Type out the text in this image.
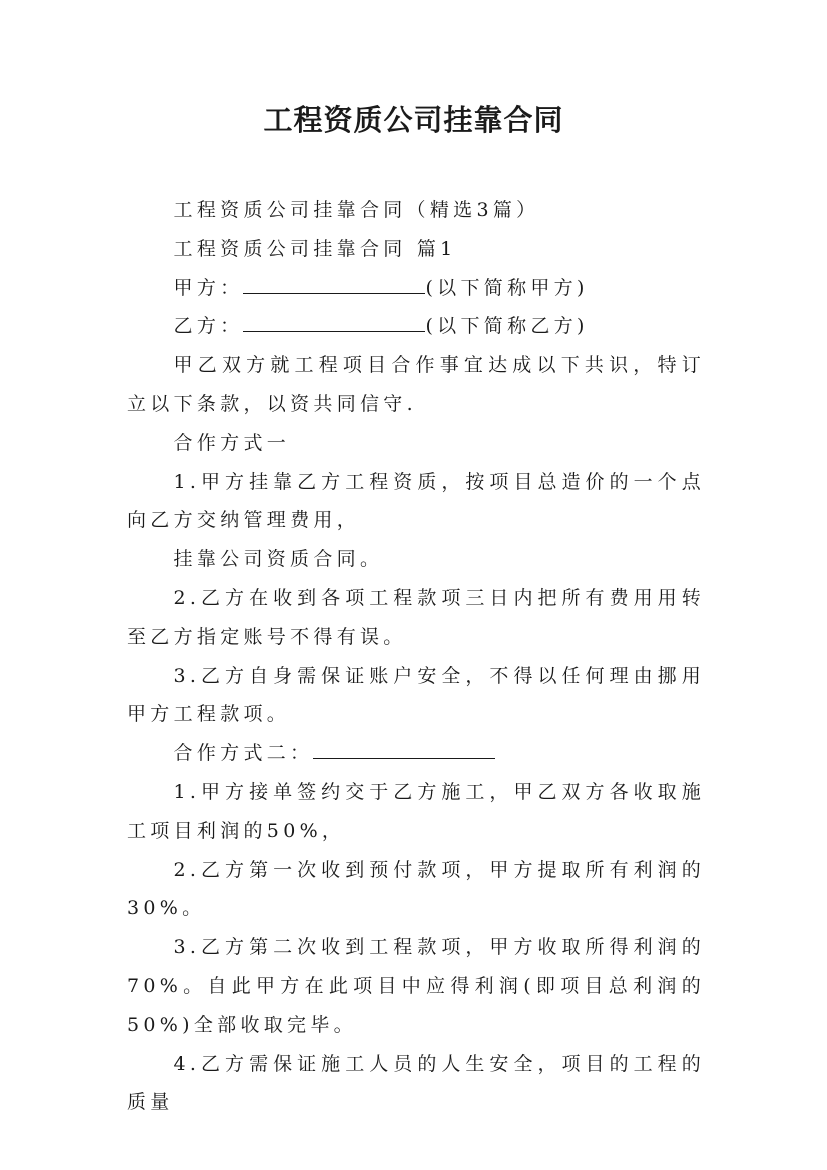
工程资质公司挂靠合同

工程资质公司挂靠合同（精选3篇）

工程资质公司挂靠合同 篇1

甲方：	(以下简称甲方)

乙方：	(以下简称乙方)

甲乙双方就工程项目合作事宜达成以下共识，特订立以下条款，以资共同信守.

合作方式一

1.甲方挂靠乙方工程资质，按项目总造价的一个点向乙方交纳管理费用，

挂靠公司资质合同。

2.乙方在收到各项工程款项三日内把所有费用用转至乙方指定账号不得有误。

3.乙方自身需保证账户安全，不得以任何理由挪用甲方工程款项。

合作方式二：

1.甲方接单签约交于乙方施工，甲乙双方各收取施工项目利润的50%，

2.乙方第一次收到预付款项，甲方提取所有利润的30%。

3.乙方第二次收到工程款项，甲方收取所得利润的70%。自此甲方在此项目中应得利润(即项目总利润的50%)全部收取完毕。

4.乙方需保证施工人员的人生安全，项目的工程的质量
